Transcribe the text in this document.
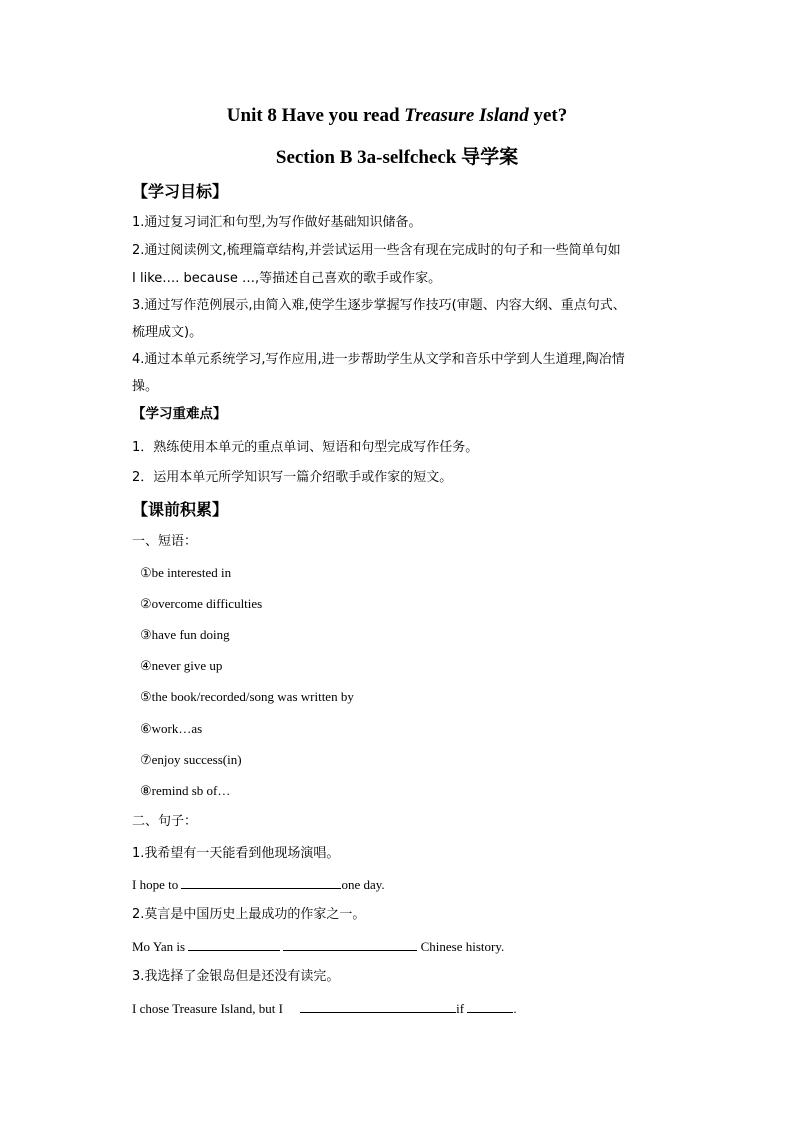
Unit 8 Have you read Treasure Island yet?
Section B 3a-selfcheck 导学案
【学习目标】
1.通过复习词汇和句型,为写作做好基础知识储备。
2.通过阅读例文,梳理篇章结构,并尝试运用一些含有现在完成时的句子和一些简单句如
I like…. because …,等描述自己喜欢的歌手或作家。
3.通过写作范例展示,由简入难,使学生逐步掌握写作技巧(审题、内容大纲、重点句式、
梳理成文)。
4.通过本单元系统学习,写作应用,进一步帮助学生从文学和音乐中学到人生道理,陶冶情
操。
【学习重难点】
1．熟练使用本单元的重点单词、短语和句型完成写作任务。
2．运用本单元所学知识写一篇介绍歌手或作家的短文。
【课前积累】
一、短语：
①be interested in
②overcome difficulties
③have fun doing
④never give up
⑤the book/recorded/song was written by
⑥work…as
⑦enjoy success(in)
⑧remind sb of…
二、句子：
1.我希望有一天能看到他现场演唱。
I hope to	one day.
2.莫言是中国历史上最成功的作家之一。
Mo Yan is	Chinese history.
3.我选择了金银岛但是还没有读完。
I chose Treasure Island, but I	if	.
